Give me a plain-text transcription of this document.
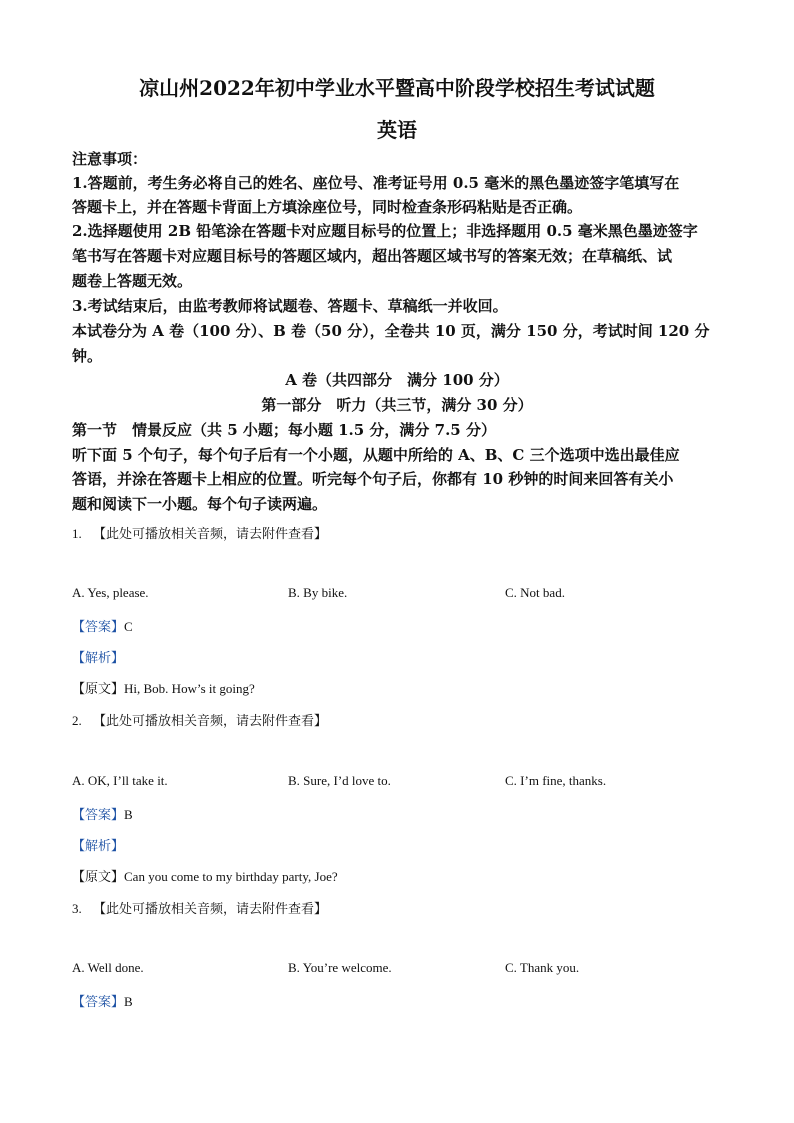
凉山州2022年初中学业水平暨高中阶段学校招生考试试题
英语
注意事项：
1.答题前，考生务必将自己的姓名、座位号、准考证号用 0.5 毫米的黑色墨迹签字笔填写在
答题卡上，并在答题卡背面上方填涂座位号，同时检查条形码粘贴是否正确。
2.选择题使用 2B 铅笔涂在答题卡对应题目标号的位置上；非选择题用 0.5 毫米黑色墨迹签字
笔书写在答题卡对应题目标号的答题区域内，超出答题区域书写的答案无效；在草稿纸、试
题卷上答题无效。
3.考试结束后，由监考教师将试题卷、答题卡、草稿纸一并收回。
本试卷分为 A 卷（100 分）、B 卷（50 分），全卷共 10 页，满分 150 分，考试时间 120 分
钟。
A 卷（共四部分　满分 100 分）
第一部分　听力（共三节，满分 30 分）
第一节　情景反应（共 5 小题；每小题 1.5 分，满分 7.5 分）
听下面 5 个句子，每个句子后有一个小题，从题中所给的 A、B、C 三个选项中选出最佳应
答语，并涂在答题卡上相应的位置。听完每个句子后，你都有 10 秒钟的时间来回答有关小
题和阅读下一小题。每个句子读两遍。
1. 【此处可播放相关音频，请去附件查看】
A. Yes, please.	B. By bike.	C. Not bad.
【答案】C
【解析】
【原文】Hi, Bob. How’s it going?
2. 【此处可播放相关音频，请去附件查看】
A. OK, I’ll take it.	B. Sure, I’d love to.	C. I’m fine, thanks.
【答案】B
【解析】
【原文】Can you come to my birthday party, Joe?
3. 【此处可播放相关音频，请去附件查看】
A. Well done.	B. You’re welcome.	C. Thank you.
【答案】B
